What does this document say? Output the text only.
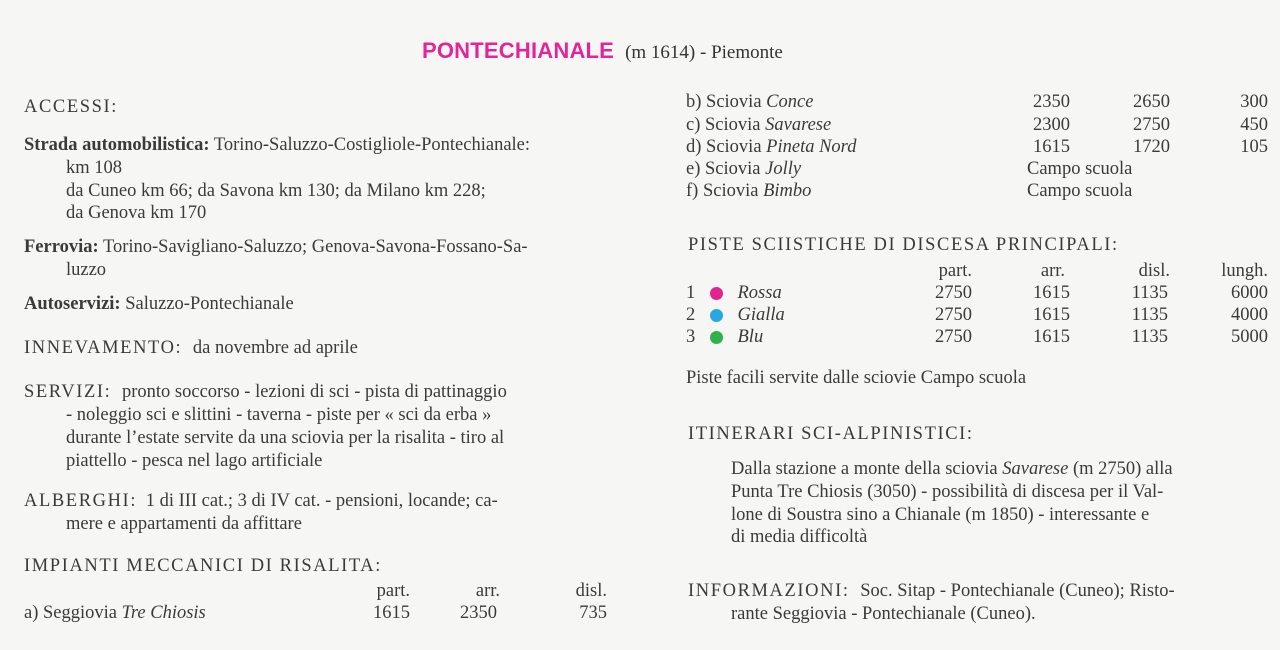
PONTECHIANALE (m 1614) - Piemonte
ACCESSI:
Strada automobilistica: Torino-Saluzzo-Costigliole-Pontechianale:
km 108
da Cuneo km 66; da Savona km 130; da Milano km 228;
da Genova km 170
Ferrovia: Torino-Savigliano-Saluzzo; Genova-Savona-Fossano-Sa-
luzzo
Autoservizi: Saluzzo-Pontechianale
INNEVAMENTO: da novembre ad aprile
SERVIZI: pronto soccorso - lezioni di sci - pista di pattinaggio
- noleggio sci e slittini - taverna - piste per « sci da erba »
durante l’estate servite da una sciovia per la risalita - tiro al
piattello - pesca nel lago artificiale
ALBERGHI: 1 di III cat.; 3 di IV cat. - pensioni, locande; ca-
mere e appartamenti da affittare
IMPIANTI MECCANICI DI RISALITA:
part.	arr.	disl.
a) Seggiovia Tre Chiosis	1615	2350	735
b) Sciovia Conce	2350	2650	300
c) Sciovia Savarese	2300	2750	450
d) Sciovia Pineta Nord	1615	1720	105
e) Sciovia Jolly	Campo scuola
f) Sciovia Bimbo	Campo scuola
PISTE SCIISTICHE DI DISCESA PRINCIPALI:
part.	arr.	disl.	lungh.
1 Rossa	2750	1615	1135	6000
2 Gialla	2750	1615	1135	4000
3 Blu	2750	1615	1135	5000
Piste facili servite dalle sciovie Campo scuola
ITINERARI SCI-ALPINISTICI:
Dalla stazione a monte della sciovia Savarese (m 2750) alla
Punta Tre Chiosis (3050) - possibilità di discesa per il Val-
lone di Soustra sino a Chianale (m 1850) - interessante e
di media difficoltà
INFORMAZIONI: Soc. Sitap - Pontechianale (Cuneo); Risto-
rante Seggiovia - Pontechianale (Cuneo).
